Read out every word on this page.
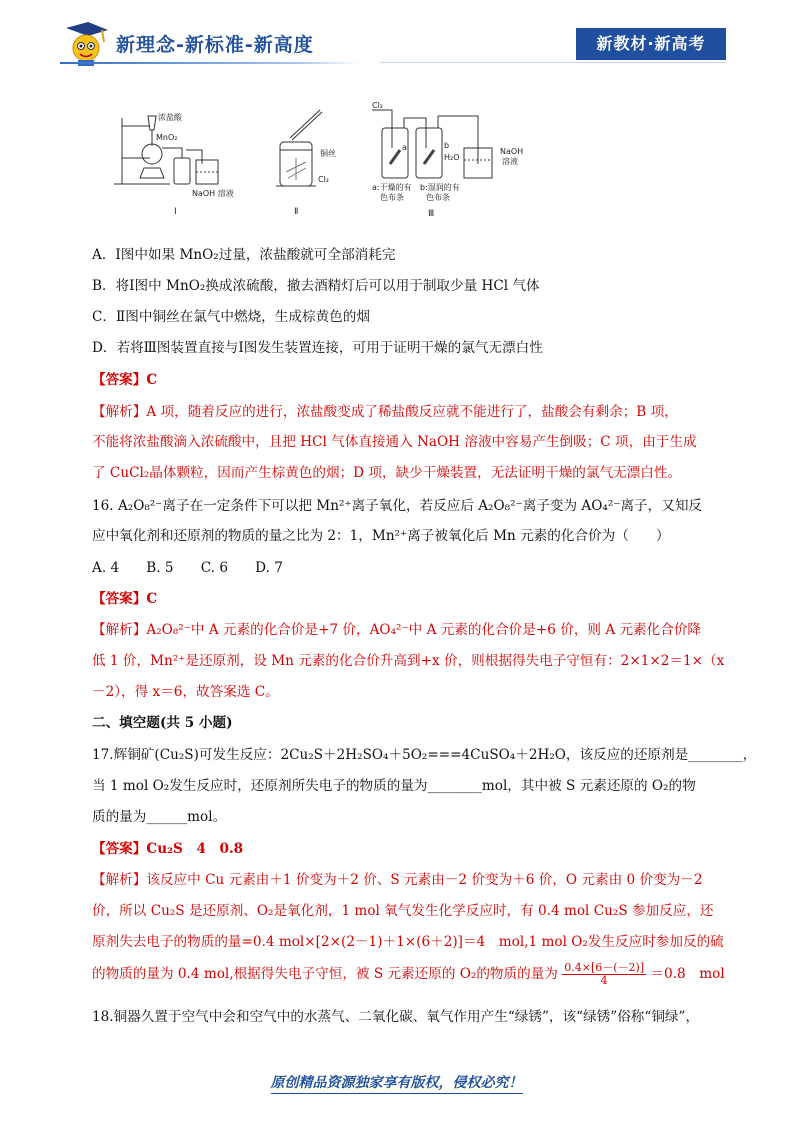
新理念-新标准-新高度	新教材·新高考
浓盐酸
MnO₂
NaOH 溶液
Ⅰ
铜丝
Cl₂
Ⅱ
Cl₂
a	b
H₂O
a:干燥的有
色布条
b:湿润的有
色布条
NaOH
溶液
Ⅲ
A．Ⅰ图中如果 MnO₂过量，浓盐酸就可全部消耗完
B．将Ⅰ图中 MnO₂换成浓硫酸，撤去酒精灯后可以用于制取少量 HCl 气体
C．Ⅱ图中铜丝在氯气中燃烧，生成棕黄色的烟
D．若将Ⅲ图装置直接与Ⅰ图发生装置连接，可用于证明干燥的氯气无漂白性
【答案】C
【解析】A 项，随着反应的进行，浓盐酸变成了稀盐酸反应就不能进行了，盐酸会有剩余；B 项，
不能将浓盐酸滴入浓硫酸中，且把 HCl 气体直接通入 NaOH 溶液中容易产生倒吸；C 项，由于生成
了 CuCl₂晶体颗粒，因而产生棕黄色的烟；D 项，缺少干燥装置，无法证明干燥的氯气无漂白性。
16. A₂O₈²⁻离子在一定条件下可以把 Mn²⁺离子氧化，若反应后 A₂O₈²⁻离子变为 AO₄²⁻离子，又知反
应中氧化剂和还原剂的物质的量之比为 2：1，Mn²⁺离子被氧化后 Mn 元素的化合价为（　　）
A. 4　　B. 5　　C. 6　　D. 7
【答案】C
【解析】A₂O₈²⁻中 A 元素的化合价是+7 价，AO₄²⁻中 A 元素的化合价是+6 价，则 A 元素化合价降
低 1 价，Mn²⁺是还原剂，设 Mn 元素的化合价升高到+x 价，则根据得失电子守恒有：2×1×2＝1×（x
－2），得 x＝6，故答案选 C。
二、填空题(共 5 小题)
17.辉铜矿(Cu₂S)可发生反应：2Cu₂S＋2H₂SO₄＋5O₂===4CuSO₄＋2H₂O，该反应的还原剂是________，
当 1 mol O₂发生反应时，还原剂所失电子的物质的量为________mol，其中被 S 元素还原的 O₂的物
质的量为______mol。
【答案】Cu₂S　4　0.8
【解析】该反应中 Cu 元素由＋1 价变为＋2 价、S 元素由－2 价变为＋6 价，O 元素由 0 价变为－2
价，所以 Cu₂S 是还原剂、O₂是氧化剂，1 mol 氧气发生化学反应时，有 0.4 mol Cu₂S 参加反应，还
原剂失去电子的物质的量=0.4 mol×[2×(2－1)＋1×(6＋2)]＝4　mol,1 mol O₂发生反应时参加反的硫
的物质的量为 0.4 mol,根据得失电子守恒，被 S 元素还原的 O₂的物质的量为 $\frac{0.4\times[6-(-2)]}{4} =0.8$　mol
18.铜器久置于空气中会和空气中的水蒸气、二氧化碳、氧气作用产生“绿锈”，该“绿锈”俗称“铜绿”，
原创精品资源独家享有版权，侵权必究！
